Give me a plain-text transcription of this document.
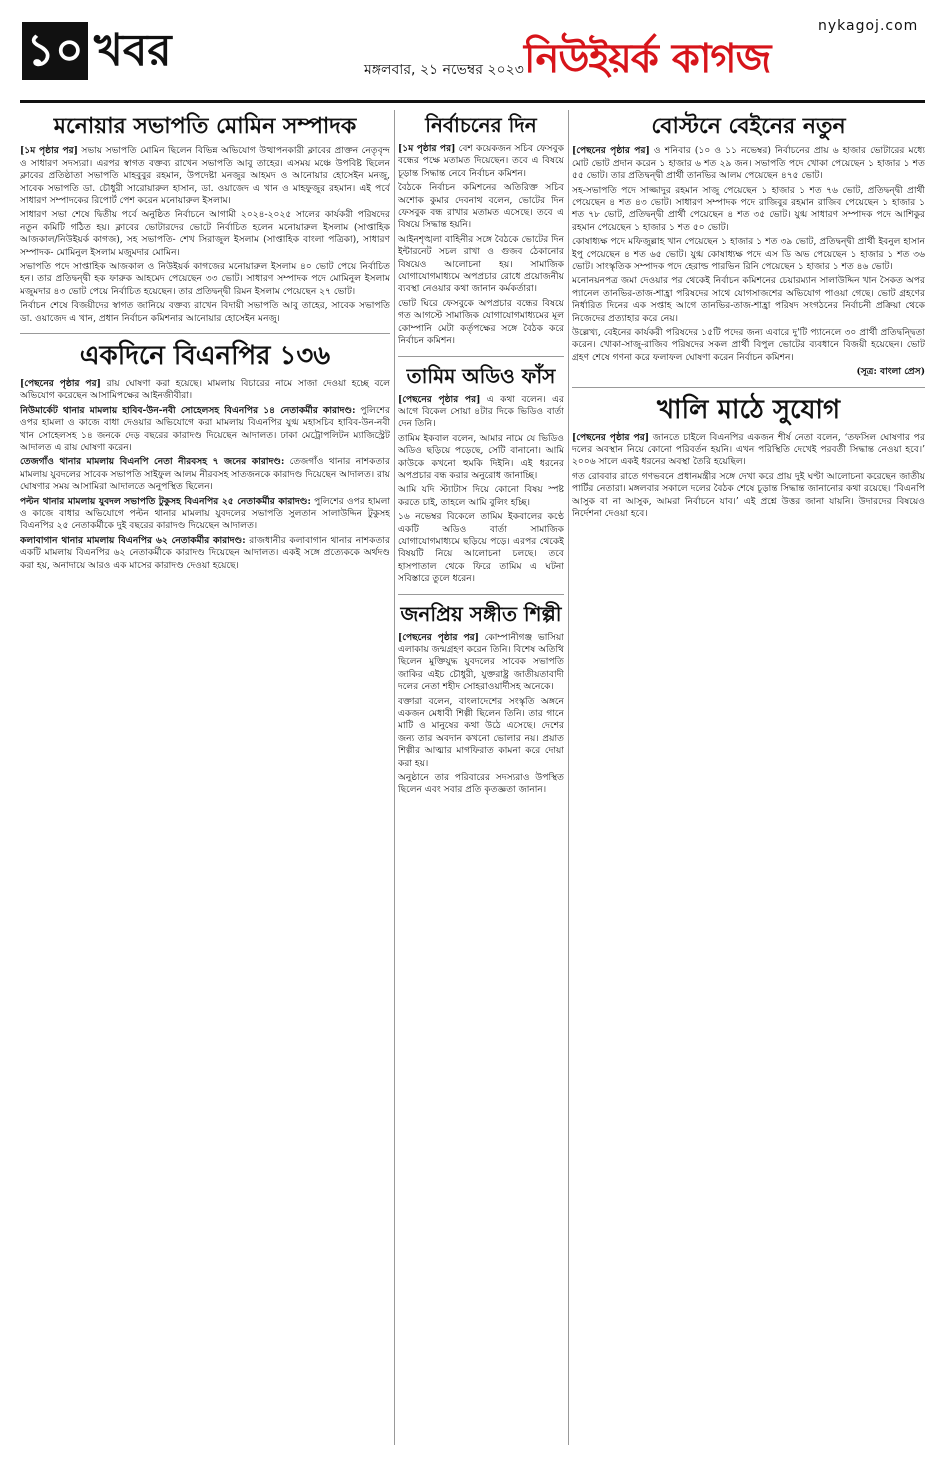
১০ খবর	মঙ্গলবার, ২১ নভেম্বর ২০২৩ নিউইয়র্ক কাগজ
nykagoj.com
মনোয়ার সভাপতি মোমিন সম্পাদক

[১ম পৃষ্ঠার পর] সভায় সভাপতি মোমিন ছিলেন বিভিন্ন অভিযোগ উত্থাপনকারী ক্লাবের প্রাক্তন নেতৃবৃন্দ ও সাধারণ সদস্যরা। এরপর স্বাগত বক্তব্য রাখেন সভাপতি আবু তাহের। এসময় মঞ্চে উপবিষ্ট ছিলেন ক্লাবের প্রতিষ্ঠাতা সভাপতি মাহবুবুর রহমান, উপদেষ্টা মনজুর আহমদ ও আনোয়ার হোসেইন মনজু, সাবেক সভাপতি ডা. চৌধুরী সারোয়ারুল হাসান, ডা. ওয়াজেদ এ খান ও মাহফুজুর রহমান। এই পর্বে সাধারণ সম্পাদকের রিপোর্ট পেশ করেন মনোয়ারুল ইসলাম।

সাধারণ সভা শেষে দ্বিতীয় পর্বে অনুষ্ঠিত নির্বাচনে আগামী ২০২৪-২০২৫ সালের কার্যকরী পরিষদের নতুন কমিটি গঠিত হয়। ক্লাবের ভোটারদের ভোটে নির্বাচিত হলেন মনোয়ারুল ইসলাম (সাপ্তাহিক আজকাল/নিউইয়র্ক কাগজ), সহ সভাপতি- শেখ সিরাজুল ইসলাম (সাপ্তাহিক বাংলা পত্রিকা), সাধারণ সম্পাদক- মোমিনুল ইসলাম মজুমদার মোমিন।

সভাপতি পদে সাপ্তাহিক আজকাল ও নিউইয়র্ক কাগজের মনোয়ারুল ইসলাম ৪০ ভোট পেয়ে নির্বাচিত হন। তার প্রতিদ্বন্দ্বী হক ফারুক আহমেদ পেয়েছেন ৩৩ ভোট। সাধারণ সম্পাদক পদে মোমিনুল ইসলাম মজুমদার ৪৩ ভোট পেয়ে নির্বাচিত হয়েছেন। তার প্রতিদ্বন্দ্বী রিমন ইসলাম পেয়েছেন ২৭ ভোট।

নির্বাচন শেষে বিজয়ীদের স্বাগত জানিয়ে বক্তব্য রাখেন বিদায়ী সভাপতি আবু তাহের, সাবেক সভাপতি ডা. ওয়াজেদ এ খান, প্রধান নির্বাচন কমিশনার আনোয়ার হোসেইন মনজু।

একদিনে বিএনপির ১৩৬

[পেছনের পৃষ্ঠার পর] রায় ঘোষণা করা হয়েছে। মামলায় বিচারের নামে সাজা দেওয়া হচ্ছে বলে অভিযোগ করেছেন আসামিপক্ষের আইনজীবীরা।

নিউমার্কেট থানার মামলায় হাবিব-উন-নবী সোহেলসহ বিএনপির ১৪ নেতাকর্মীর কারাদণ্ড: পুলিশের ওপর হামলা ও কাজে বাধা দেওয়ার অভিযোগে করা মামলায় বিএনপির যুগ্ম মহাসচিব হাবিব-উন-নবী খান সোহেলসহ ১৪ জনকে দেড় বছরের কারাদণ্ড দিয়েছেন আদালত। ঢাকা মেট্রোপলিটন ম্যাজিস্ট্রেট আদালত এ রায় ঘোষণা করেন।

তেজগাঁও থানার মামলায় বিএনপি নেতা নীরবসহ ৭ জনের কারাদণ্ড: তেজগাঁও থানার নাশকতার মামলায় যুবদলের সাবেক সভাপতি সাইফুল আলম নীরবসহ সাতজনকে কারাদণ্ড দিয়েছেন আদালত। রায় ঘোষণার সময় আসামিরা আদালতে অনুপস্থিত ছিলেন।

পল্টন থানার মামলায় যুবদল সভাপতি টুকুসহ বিএনপির ২৫ নেতাকর্মীর কারাদণ্ড: পুলিশের ওপর হামলা ও কাজে বাধার অভিযোগে পল্টন থানার মামলায় যুবদলের সভাপতি সুলতান সালাউদ্দিন টুকুসহ বিএনপির ২৫ নেতাকর্মীকে দুই বছরের কারাদণ্ড দিয়েছেন আদালত।

কলাবাগান থানার মামলায় বিএনপির ৬২ নেতাকর্মীর কারাদণ্ড: রাজধানীর কলাবাগান থানার নাশকতার একটি মামলায় বিএনপির ৬২ নেতাকর্মীকে কারাদণ্ড দিয়েছেন আদালত। একই সঙ্গে প্রত্যেককে অর্থদণ্ড করা হয়, অনাদায়ে আরও এক মাসের কারাদণ্ড দেওয়া হয়েছে।

নির্বাচনের দিন

[১ম পৃষ্ঠার পর] বেশ কয়েকজন সচিব ফেসবুক বন্ধের পক্ষে মতামত দিয়েছেন। তবে এ বিষয়ে চূড়ান্ত সিদ্ধান্ত নেবে নির্বাচন কমিশন।

বৈঠকে নির্বাচন কমিশনের অতিরিক্ত সচিব অশোক কুমার দেবনাথ বলেন, ভোটের দিন ফেসবুক বন্ধ রাখার মতামত এসেছে। তবে এ বিষয়ে সিদ্ধান্ত হয়নি।

আইনশৃঙ্খলা বাহিনীর সঙ্গে বৈঠকে ভোটের দিন ইন্টারনেট সচল রাখা ও গুজব ঠেকানোর বিষয়েও আলোচনা হয়। সামাজিক যোগাযোগমাধ্যমে অপপ্রচার রোধে প্রয়োজনীয় ব্যবস্থা নেওয়ার কথা জানান কর্মকর্তারা।

ভোট ঘিরে ফেসবুকে অপপ্রচার বন্ধের বিষয়ে গত আগস্টে সামাজিক যোগাযোগমাধ্যমের মূল কোম্পানি মেটা কর্তৃপক্ষের সঙ্গে বৈঠক করে নির্বাচন কমিশন।

তামিম অডিও ফাঁস

[পেছনের পৃষ্ঠার পর] এ কথা বলেন। এর আগে বিকেল সোয়া ৪টার দিকে ভিডিও বার্তা দেন তিনি।

তামিম ইকবাল বলেন, আমার নামে যে ভিডিও অডিও ছড়িয়ে পড়েছে, সেটি বানানো। আমি কাউকে কখনো হুমকি দিইনি। এই ধরনের অপপ্রচার বন্ধ করার অনুরোধ জানাচ্ছি।

আমি যদি স্ট্যাটাস দিয়ে কোনো বিষয় স্পষ্ট করতে চাই, তাহলে আমি বুলিং হচ্ছি।

১৬ নভেম্বর বিকেলে তামিম ইকবালের কণ্ঠে একটি অডিও বার্তা সামাজিক যোগাযোগমাধ্যমে ছড়িয়ে পড়ে। এরপর থেকেই বিষয়টি নিয়ে আলোচনা চলছে। তবে হাসপাতাল থেকে ফিরে তামিম এ ঘটনা সবিস্তারে তুলে ধরেন।

জনপ্রিয় সঙ্গীত শিল্পী

[পেছনের পৃষ্ঠার পর] কোম্পানীগঞ্জ ভাসিয়া এলাকায় জন্মগ্রহণ করেন তিনি। বিশেষ অতিথি ছিলেন মুক্তিযুদ্ধ যুবদলের সাবেক সভাপতি জাকির এইচ চৌধুরী, যুক্তরাষ্ট্র জাতীয়তাবাদী দলের নেতা শহীদ সোহরাওয়ার্দীসহ অনেকে।

বক্তারা বলেন, বাংলাদেশের সংস্কৃতি অঙ্গনে একজন মেধাবী শিল্পী ছিলেন তিনি। তার গানে মাটি ও মানুষের কথা উঠে এসেছে। দেশের জন্য তার অবদান কখনো ভোলার নয়। প্রয়াত শিল্পীর আত্মার মাগফিরাত কামনা করে দোয়া করা হয়।

অনুষ্ঠানে তার পরিবারের সদস্যরাও উপস্থিত ছিলেন এবং সবার প্রতি কৃতজ্ঞতা জানান।

বোস্টনে বেইনের নতুন

[পেছনের পৃষ্ঠার পর] ও শনিবার (১০ ও ১১ নভেম্বর) নির্বাচনের প্রায় ৬ হাজার ভোটারের মধ্যে মোট ভোট প্রদান করেন ১ হাজার ৬ শত ২৯ জন। সভাপতি পদে খোকা পেয়েছেন ১ হাজার ১ শত ৫৫ ভোট। তার প্রতিদ্বন্দ্বী প্রার্থী তানভির আলম পেয়েছেন ৪৭৫ ভোট।

সহ-সভাপতি পদে সাজ্জাদুর রহমান সাজু পেয়েছেন ১ হাজার ১ শত ৭৬ ভোট, প্রতিদ্বন্দ্বী প্রার্থী পেয়েছেন ৪ শত ৪৩ ভোট। সাধারণ সম্পাদক পদে রাজিবুর রহমান রাজিব পেয়েছেন ১ হাজার ১ শত ৭৮ ভোট, প্রতিদ্বন্দ্বী প্রার্থী পেয়েছেন ৪ শত ৩৫ ভোট। যুগ্ম সাধারণ সম্পাদক পদে আশিকুর রহমান পেয়েছেন ১ হাজার ১ শত ৫০ ভোট।

কোষাধ্যক্ষ পদে মফিজুল্লাহ খান পেয়েছেন ১ হাজার ১ শত ৩৯ ভোট, প্রতিদ্বন্দ্বী প্রার্থী ইবনুল হাসান ইপু পেয়েছেন ৪ শত ৬৫ ভোট। যুগ্ম কোষাধ্যক্ষ পদে এস ডি অভ পেয়েছেন ১ হাজার ১ শত ৩৬ ভোট। সাংস্কৃতিক সম্পাদক পদে হেরাল্ড পারভিন রিনি পেয়েছেন ১ হাজার ১ শত ৪৬ ভোট।

মনোনয়নপত্র জমা দেওয়ার পর থেকেই নির্বাচন কমিশনের চেয়ারম্যান সালাউদ্দিন খান সৈকত অপর প্যানেল তানভির-তাজ-শাহ্রা পরিষদের সাথে যোগসাজশের অভিযোগ পাওয়া গেছে। ভোট গ্রহণের নির্ধারিত দিনের এক সপ্তাহ আগে তানভির-তাজ-শাহ্রা পরিষদ সংগঠনের নির্বাচনী প্রক্রিয়া থেকে নিজেদের প্রত্যাহার করে নেয়।

উল্লেখ্য, বেইনের কার্যকরী পরিষদের ১৫টি পদের জন্য এবারে দু'টি প্যানেলে ৩০ প্রার্থী প্রতিদ্বন্দ্বিতা করেন। খোকা-সাজু-রাজিব পরিষদের সকল প্রার্থী বিপুল ভোটের ব্যবধানে বিজয়ী হয়েছেন। ভোট গ্রহণ শেষে গণনা করে ফলাফল ঘোষণা করেন নির্বাচন কমিশন।

(সূত্র: বাংলা প্রেস)

খালি মাঠে সুযোগ

[পেছনের পৃষ্ঠার পর] জানতে চাইলে বিএনপির একজন শীর্ষ নেতা বলেন, ‘তফসিল ঘোষণার পর দলের অবস্থান নিয়ে কোনো পরিবর্তন হয়নি। এখন পরিস্থিতি দেখেই পরবর্তী সিদ্ধান্ত নেওয়া হবে।’ ২০০৬ সালে একই ধরনের অবস্থা তৈরি হয়েছিল।

গত রোববার রাতে গণভবনে প্রধানমন্ত্রীর সঙ্গে দেখা করে প্রায় দুই ঘণ্টা আলোচনা করেছেন জাতীয় পার্টির নেতারা। মঙ্গলবার সকালে দলের বৈঠক শেষে চূড়ান্ত সিদ্ধান্ত জানানোর কথা রয়েছে। ‘বিএনপি আসুক বা না আসুক, আমরা নির্বাচনে যাব।’ এই প্রশ্নে উত্তর জানা যায়নি। উদারদের বিষয়েও নির্দেশনা দেওয়া হবে।
